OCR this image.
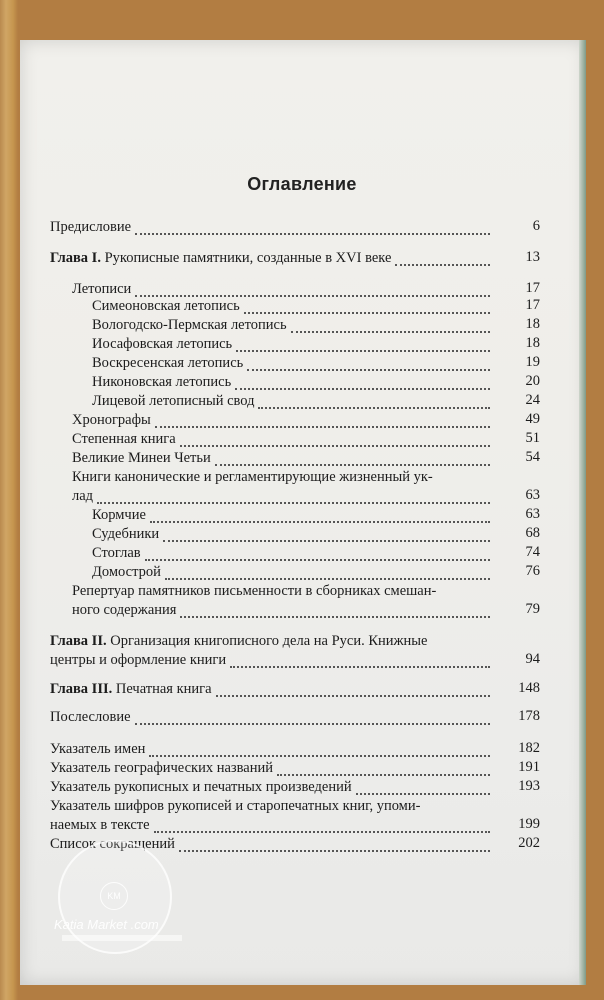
Оглавление
Предисловие	6
Глава I. Рукописные памятники, созданные в XVI веке	13
Летописи	17
Симеоновская летопись	17
Вологодско-Пермская летопись	18
Иосафовская летопись	18
Воскресенская летопись	19
Никоновская летопись	20
Лицевой летописный свод	24
Хронографы	49
Степенная книга	51
Великие Минеи Четьи	54
Книги канонические и регламентирующие жизненный ук-
лад	63
Кормчие	63
Судебники	68
Стоглав	74
Домострой	76
Репертуар памятников письменности в сборниках смешан-
ного содержания	79
Глава II. Организация книгописного дела на Руси. Книжные
центры и оформление книги	94
Глава III. Печатная книга	148
Послесловие	178
Указатель имен	182
Указатель географических названий	191
Указатель рукописных и печатных произведений	193
Указатель шифров рукописей и старопечатных книг, упоми-
наемых в тексте	199
Список сокращений	202
KM
Katia Market .com
